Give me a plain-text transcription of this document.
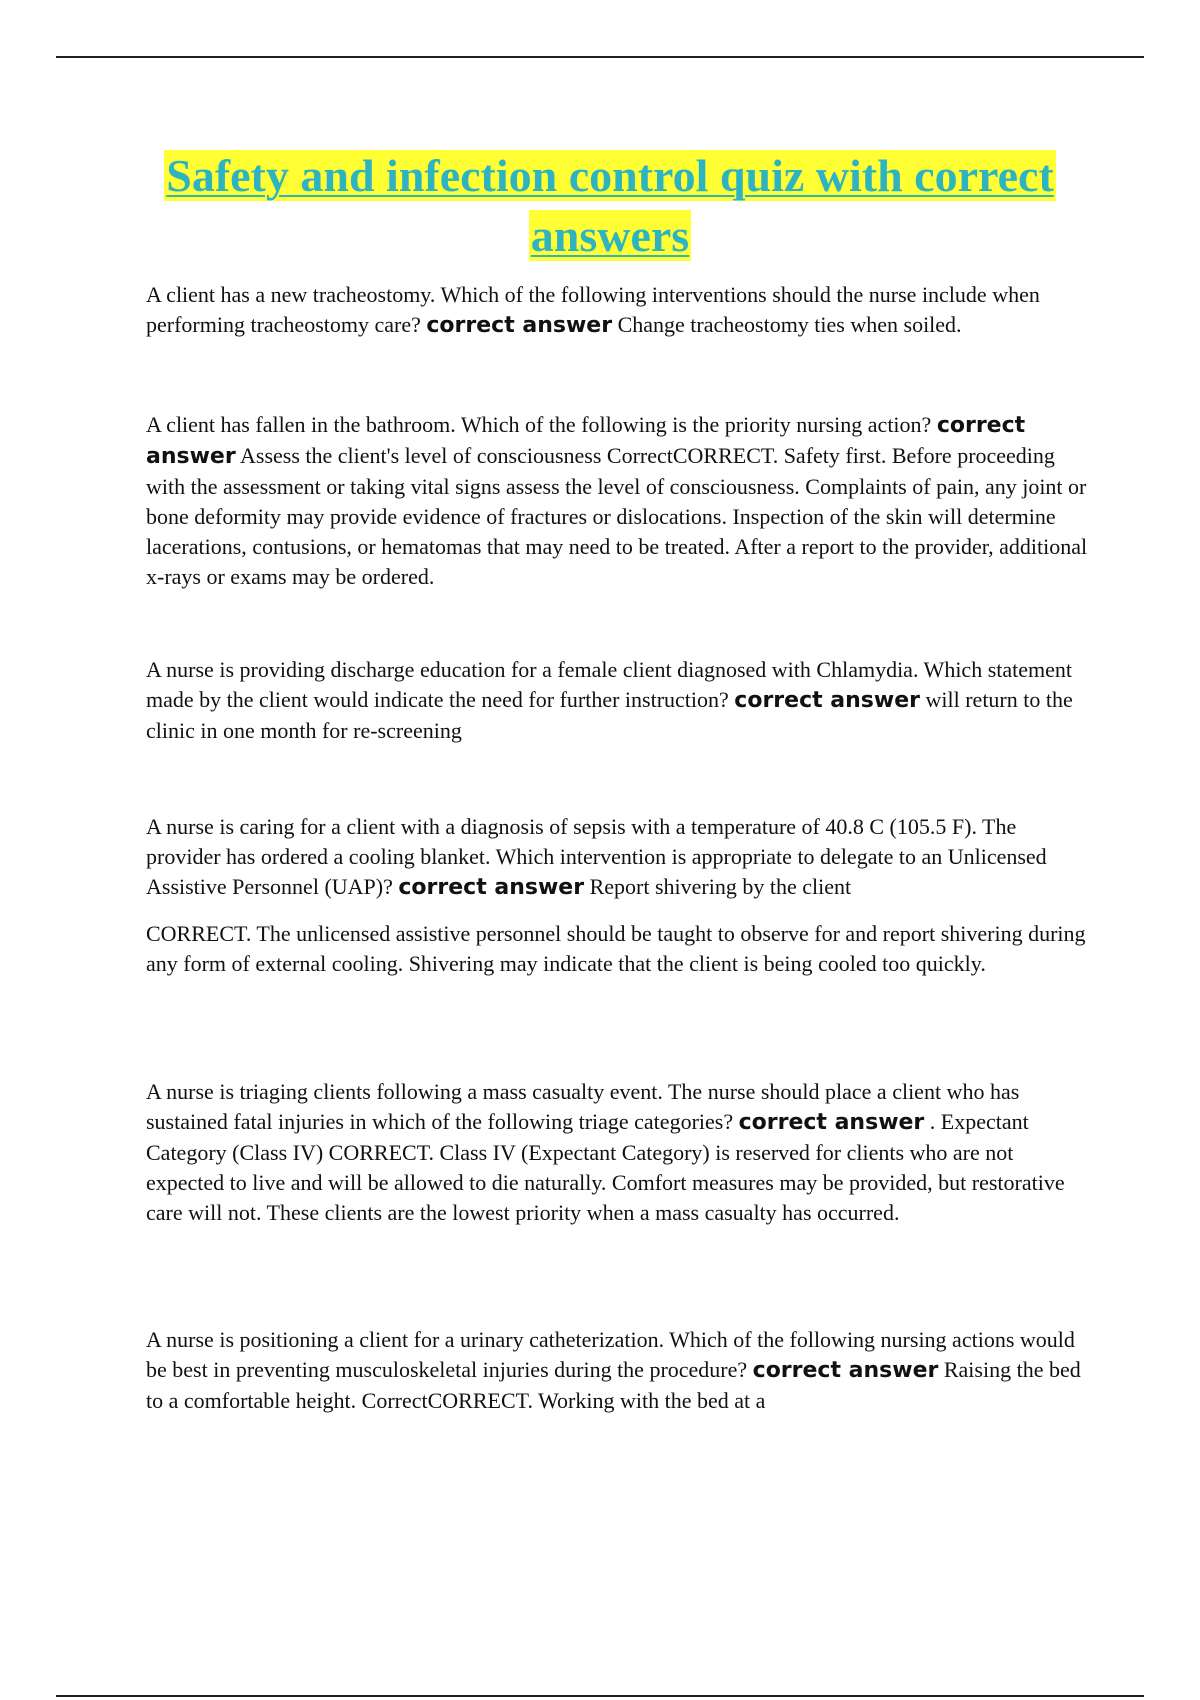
Safety and infection control quiz with correct answers

A client has a new tracheostomy. Which of the following interventions should the nurse include when performing tracheostomy care? correct answer Change tracheostomy ties when soiled.

A client has fallen in the bathroom. Which of the following is the priority nursing action? correct answer Assess the client's level of consciousness CorrectCORRECT. Safety first. Before proceeding with the assessment or taking vital signs assess the level of consciousness. Complaints of pain, any joint or bone deformity may provide evidence of fractures or dislocations. Inspection of the skin will determine lacerations, contusions, or hematomas that may need to be treated. After a report to the provider, additional x-rays or exams may be ordered.

A nurse is providing discharge education for a female client diagnosed with Chlamydia. Which statement made by the client would indicate the need for further instruction? correct answer will return to the clinic in one month for re-screening

A nurse is caring for a client with a diagnosis of sepsis with a temperature of 40.8 C (105.5 F). The provider has ordered a cooling blanket. Which intervention is appropriate to delegate to an Unlicensed Assistive Personnel (UAP)? correct answer Report shivering by the client
CORRECT. The unlicensed assistive personnel should be taught to observe for and report shivering during any form of external cooling. Shivering may indicate that the client is being cooled too quickly.

A nurse is triaging clients following a mass casualty event. The nurse should place a client who has sustained fatal injuries in which of the following triage categories? correct answer . Expectant Category (Class IV) CORRECT. Class IV (Expectant Category) is reserved for clients who are not expected to live and will be allowed to die naturally. Comfort measures may be provided, but restorative care will not. These clients are the lowest priority when a mass casualty has occurred.

A nurse is positioning a client for a urinary catheterization. Which of the following nursing actions would be best in preventing musculoskeletal injuries during the procedure? correct answer Raising the bed to a comfortable height. CorrectCORRECT. Working with the bed at a
